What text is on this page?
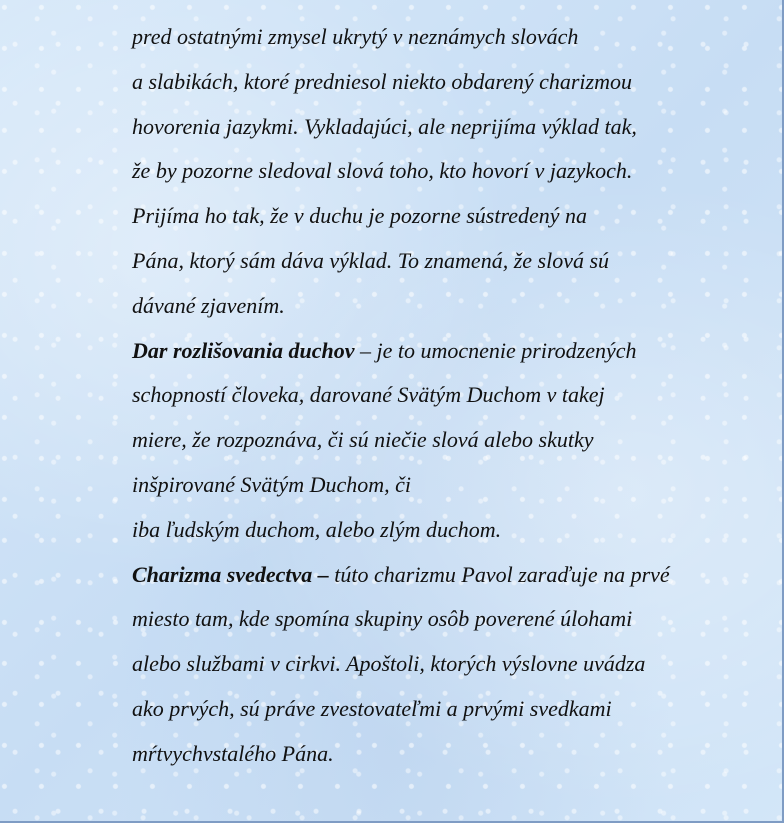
pred ostatnými zmysel ukrytý v neznámych slovách
a slabikách, ktoré predniesol niekto obdarený charizmou
hovorenia jazykmi. Vykladajúci, ale neprijíma výklad tak,
že by pozorne sledoval slová toho, kto hovorí v jazykoch.
Prijíma ho tak, že v duchu je pozorne sústredený na
Pána, ktorý sám dáva výklad. To znamená, že slová sú
dávané zjavením.
Dar rozlišovania duchov – je to umocnenie prirodzených
schopností človeka, darované Svätým Duchom v takej
miere, že rozpoznáva, či sú niečie slová alebo skutky
inšpirované Svätým Duchom, či
iba ľudským duchom, alebo zlým duchom.
Charizma svedectva – túto charizmu Pavol zaraďuje na prvé
miesto tam, kde spomína skupiny osôb poverené úlohami
alebo službami v cirkvi. Apoštoli, ktorých výslovne uvádza
ako prvých, sú práve zvestovateľmi a prvými svedkami
mŕtvychvstalého Pána.
